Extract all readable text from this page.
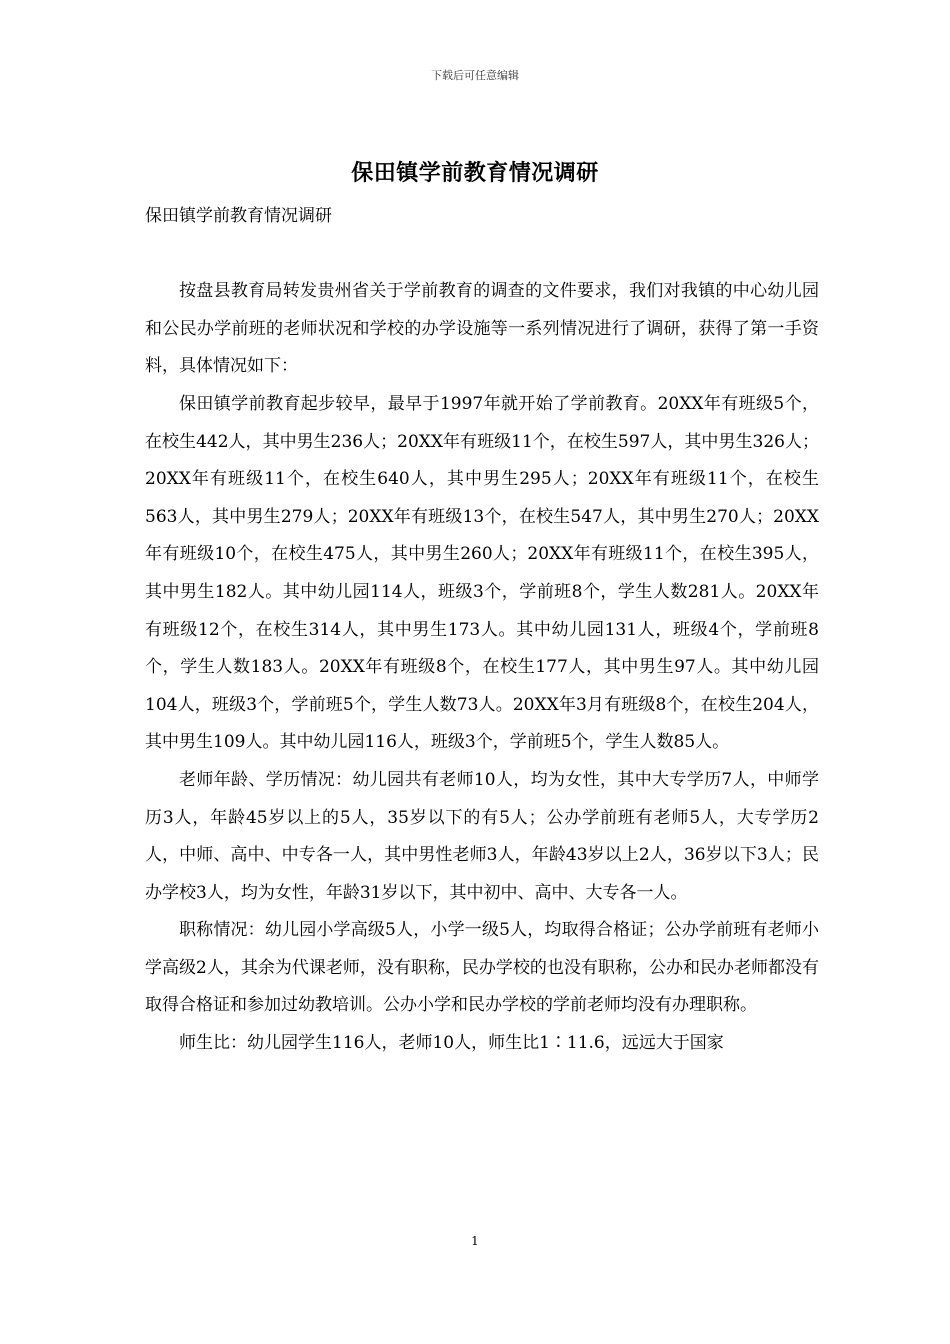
下载后可任意编辑
保田镇学前教育情况调研

保田镇学前教育情况调研

按盘县教育局转发贵州省关于学前教育的调查的文件要求，我们对我镇的中心幼儿园和公民办学前班的老师状况和学校的办学设施等一系列情况进行了调研，获得了第一手资料，具体情况如下：

保田镇学前教育起步较早，最早于1997年就开始了学前教育。20XX年有班级5个，在校生442人，其中男生236人；20XX年有班级11个，在校生597人，其中男生326人；20XX年有班级11个，在校生640人，其中男生295人；20XX年有班级11个，在校生563人，其中男生279人；20XX年有班级13个，在校生547人，其中男生270人；20XX年有班级10个，在校生475人，其中男生260人；20XX年有班级11个，在校生395人，其中男生182人。其中幼儿园114人，班级3个，学前班8个，学生人数281人。20XX年有班级12个，在校生314人，其中男生173人。其中幼儿园131人，班级4个，学前班8个，学生人数183人。20XX年有班级8个，在校生177人，其中男生97人。其中幼儿园104人，班级3个，学前班5个，学生人数73人。20XX年3月有班级8个，在校生204人，其中男生109人。其中幼儿园116人，班级3个，学前班5个，学生人数85人。

老师年龄、学历情况：幼儿园共有老师10人，均为女性，其中大专学历7人，中师学历3人，年龄45岁以上的5人，35岁以下的有5人；公办学前班有老师5人，大专学历2人，中师、高中、中专各一人，其中男性老师3人，年龄43岁以上2人，36岁以下3人；民办学校3人，均为女性，年龄31岁以下，其中初中、高中、大专各一人。

职称情况：幼儿园小学高级5人，小学一级5人，均取得合格证；公办学前班有老师小学高级2人，其余为代课老师，没有职称，民办学校的也没有职称，公办和民办老师都没有取得合格证和参加过幼教培训。公办小学和民办学校的学前老师均没有办理职称。

师生比：幼儿园学生116人，老师10人，师生比1∶11.6，远远大于国家

1
